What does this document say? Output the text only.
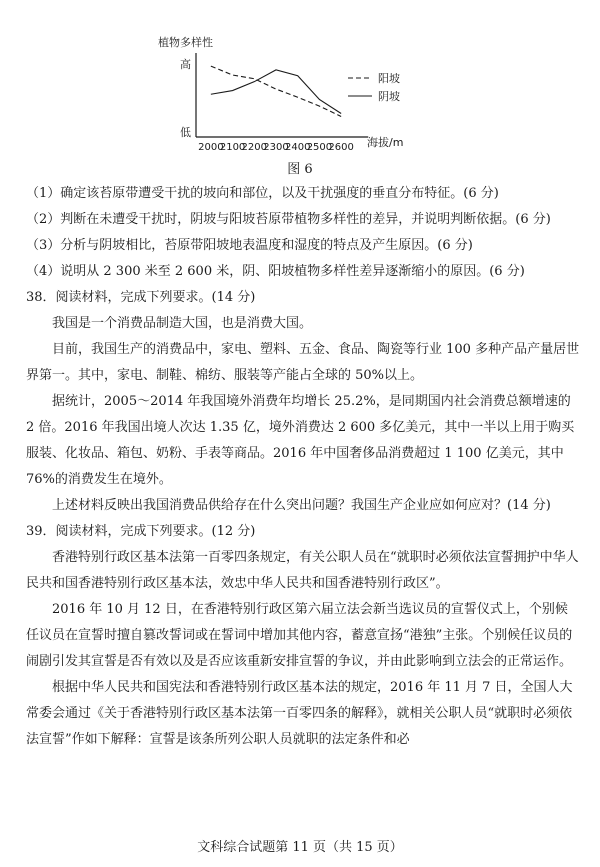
植物多样性
高
低
海拔/m
2000
2100
2200
2300
2400
2500
2600
阳坡
阴坡
图 6

（1）确定该苔原带遭受干扰的坡向和部位，以及干扰强度的垂直分布特征。(6 分)

（2）判断在未遭受干扰时，阴坡与阳坡苔原带植物多样性的差异，并说明判断依据。(6 分)

（3）分析与阴坡相比，苔原带阳坡地表温度和湿度的特点及产生原因。(6 分)

（4）说明从 2 300 米至 2 600 米，阴、阳坡植物多样性差异逐渐缩小的原因。(6 分)

38．阅读材料，完成下列要求。(14 分)

我国是一个消费品制造大国，也是消费大国。

目前，我国生产的消费品中，家电、塑料、五金、食品、陶瓷等行业 100 多种产品产量居世界第一。其中，家电、制鞋、棉纺、服装等产能占全球的 50%以上。

据统计，2005～2014 年我国境外消费年均增长 25.2%，是同期国内社会消费总额增速的 2 倍。2016 年我国出境人次达 1.35 亿，境外消费达 2 600 多亿美元，其中一半以上用于购买服装、化妆品、箱包、奶粉、手表等商品。2016 年中国奢侈品消费超过 1 100 亿美元，其中 76%的消费发生在境外。

上述材料反映出我国消费品供给存在什么突出问题？我国生产企业应如何应对？(14 分)

39．阅读材料，完成下列要求。(12 分)

香港特别行政区基本法第一百零四条规定，有关公职人员在“就职时必须依法宣誓拥护中华人民共和国香港特别行政区基本法，效忠中华人民共和国香港特别行政区”。

2016 年 10 月 12 日，在香港特别行政区第六届立法会新当选议员的宣誓仪式上，个别候任议员在宣誓时擅自篡改誓词或在誓词中增加其他内容，蓄意宣扬“港独”主张。个别候任议员的闹剧引发其宣誓是否有效以及是否应该重新安排宣誓的争议，并由此影响到立法会的正常运作。

根据中华人民共和国宪法和香港特别行政区基本法的规定，2016 年 11 月 7 日，全国人大常委会通过《关于香港特别行政区基本法第一百零四条的解释》，就相关公职人员“就职时必须依法宣誓”作如下解释：宣誓是该条所列公职人员就职的法定条件和必

文科综合试题第 11 页（共 15 页）
